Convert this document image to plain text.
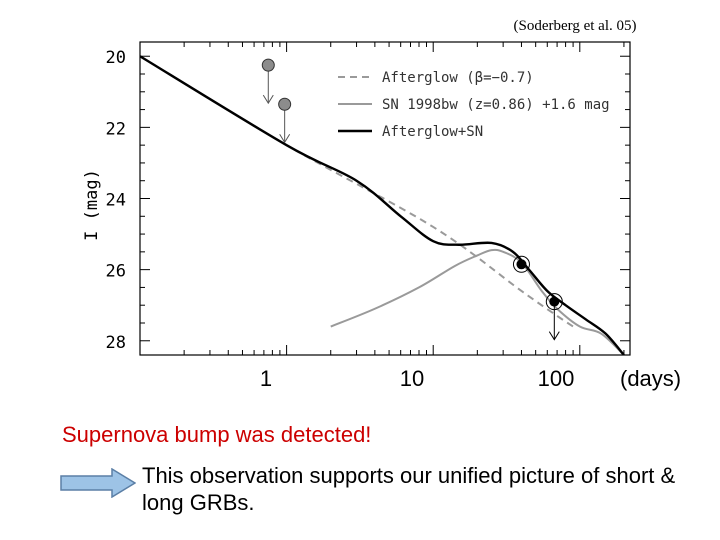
20
22
24
26
28
I (mag)
Afterglow (β=−0.7)
SN 1998bw (z=0.86) +1.6 mag
Afterglow+SN
(Soderberg et al. 05)
1	10	100 (days)
Supernova bump was detected!
This observation supports our unified picture of short & long GRBs.
